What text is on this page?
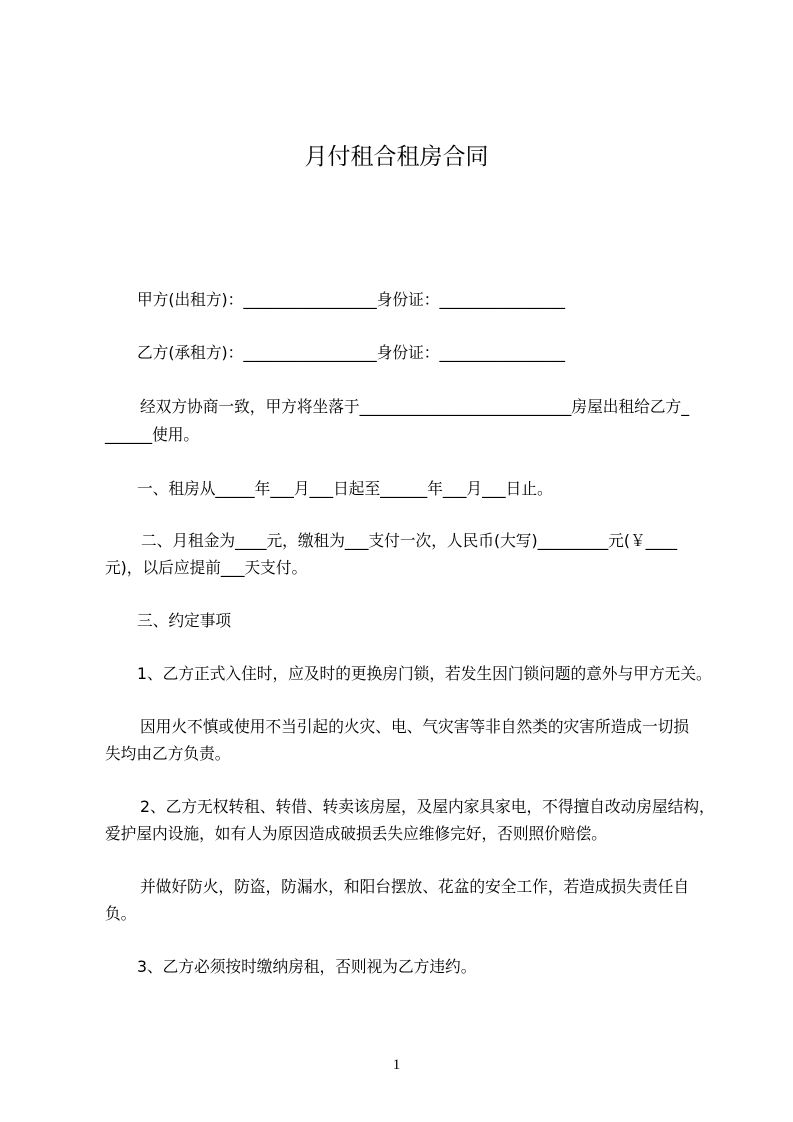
月付租合租房合同
甲方(出租方)：_________________身份证：________________
乙方(承租方)：_________________身份证：________________
经双方协商一致，甲方将坐落于___________________________房屋出租给乙方_
______使用。
一、租房从_____年___月___日起至______年___月___日止。
二、月租金为____元，缴租为___支付一次，人民币(大写)_________元(￥____
元)，以后应提前___天支付。
三、约定事项
1、乙方正式入住时，应及时的更换房门锁，若发生因门锁问题的意外与甲方无关。
因用火不慎或使用不当引起的火灾、电、气灾害等非自然类的灾害所造成一切损
失均由乙方负责。
2、乙方无权转租、转借、转卖该房屋，及屋内家具家电，不得擅自改动房屋结构，
爱护屋内设施，如有人为原因造成破损丢失应维修完好，否则照价赔偿。
并做好防火，防盗，防漏水，和阳台摆放、花盆的安全工作，若造成损失责任自
负。
3、乙方必须按时缴纳房租，否则视为乙方违约。
1
